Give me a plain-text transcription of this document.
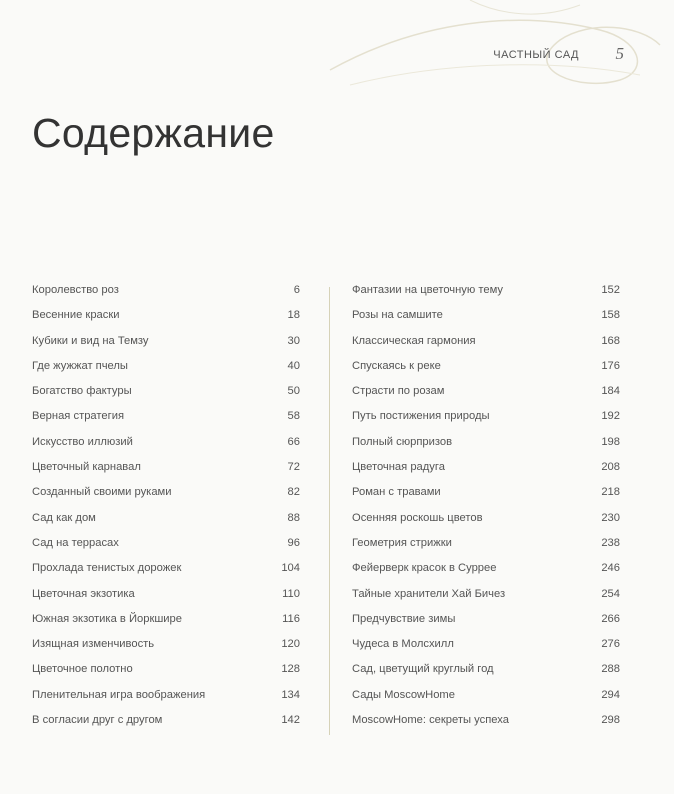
ЧАСТНЫЙ САД 5
Содержание
Королевство роз	6
Весенние краски	18
Кубики и вид на Темзу	30
Где жужжат пчелы	40
Богатство фактуры	50
Верная стратегия	58
Искусство иллюзий	66
Цветочный карнавал	72
Созданный своими руками	82
Сад как дом	88
Сад на террасах	96
Прохлада тенистых дорожек	104
Цветочная экзотика	110
Южная экзотика в Йоркшире	116
Изящная изменчивость	120
Цветочное полотно	128
Пленительная игра воображения	134
В согласии друг с другом	142
Фантазии на цветочную тему	152
Розы на самшите	158
Классическая гармония	168
Спускаясь к реке	176
Страсти по розам	184
Путь постижения природы	192
Полный сюрпризов	198
Цветочная радуга	208
Роман с травами	218
Осенняя роскошь цветов	230
Геометрия стрижки	238
Фейерверк красок в Суррее	246
Тайные хранители Хай Бичез	254
Предчувствие зимы	266
Чудеса в Молсхилл	276
Сад, цветущий круглый год	288
Сады MoscowHome	294
MoscowHome: секреты успеха	298
